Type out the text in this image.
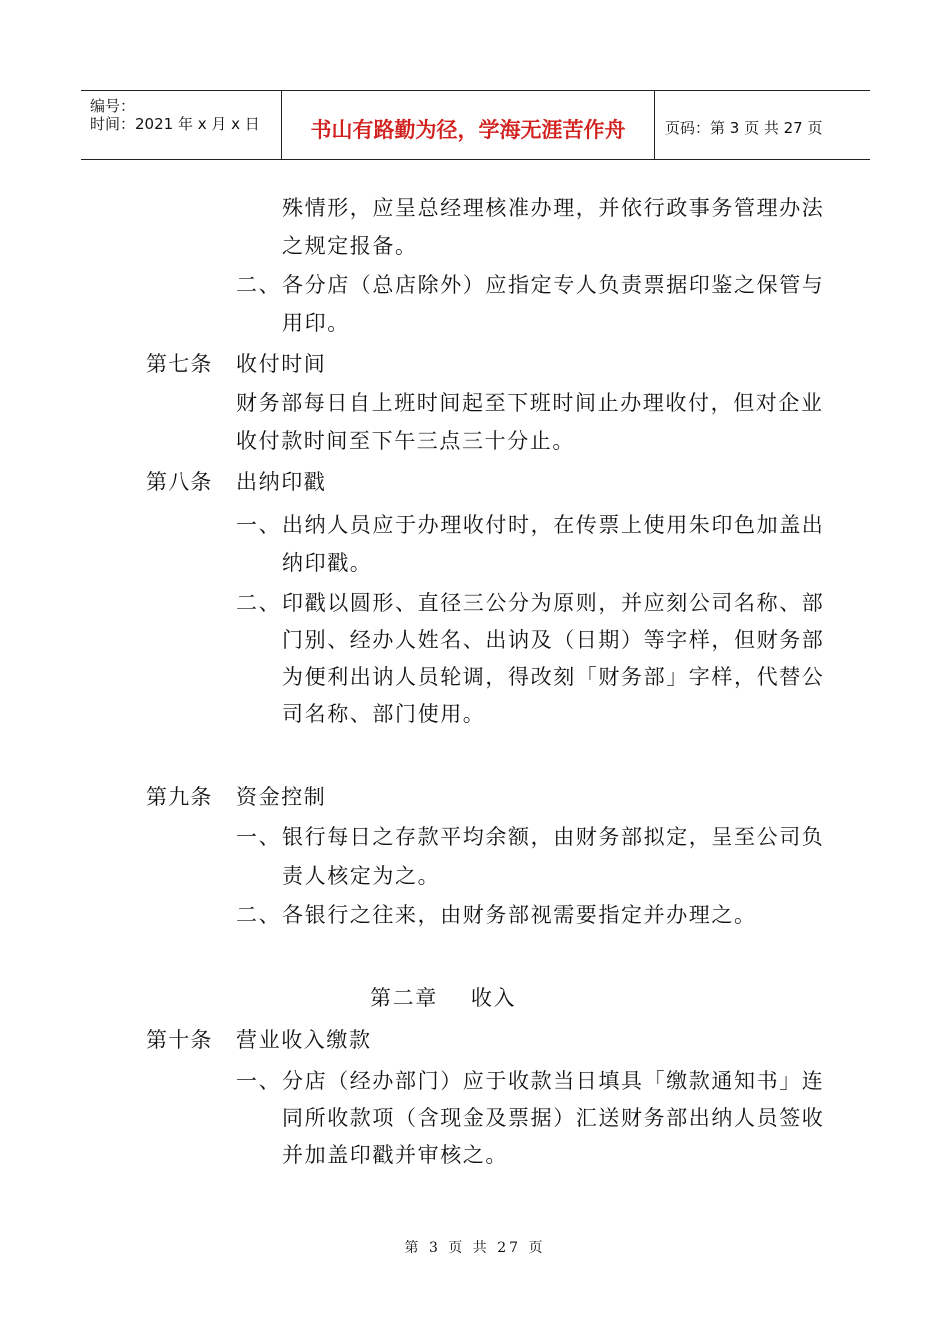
编号：
时间：2021 年 x 月 x 日	书山有路勤为径，学海无涯苦作舟	页码：第 3 页 共 27 页
殊情形，应呈总经理核准办理，并依行政事务管理办法
之规定报备。
二、 各分店（总店除外）应指定专人负责票据印鉴之保管与
用印。
第七条 收付时间
财务部每日自上班时间起至下班时间止办理收付，但对企业
收付款时间至下午三点三十分止。
第八条 出纳印戳
一、 出纳人员应于办理收付时，在传票上使用朱印色加盖出
纳印戳。
二、 印戳以圆形、直径三公分为原则，并应刻公司名称、部
门别、经办人姓名、出讷及（日期）等字样，但财务部
为便利出讷人员轮调，得改刻「财务部」字样，代替公
司名称、部门使用。
第九条 资金控制
一、 银行每日之存款平均余额，由财务部拟定，呈至公司负
责人核定为之。
二、 各银行之往来，由财务部视需要指定并办理之。
第二章    收入
第十条 营业收入缴款
一、 分店（经办部门）应于收款当日填具「缴款通知书」连
同所收款项（含现金及票据）汇送财务部出纳人员签收
并加盖印戳并审核之。
第 3 页 共 27 页
